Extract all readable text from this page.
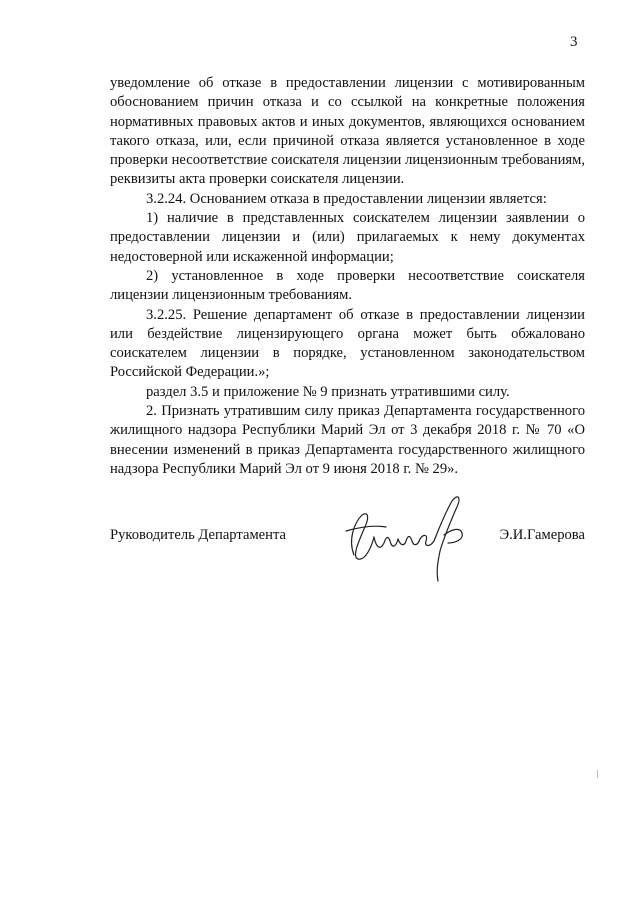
3

уведомление об отказе в предоставлении лицензии с мотивированным обоснованием причин отказа и со ссылкой на конкретные положения нормативных правовых актов и иных документов, являющихся основанием такого отказа, или, если причиной отказа является установленное в ходе проверки несоответствие соискателя лицензии лицензионным требованиям, реквизиты акта проверки соискателя лицензии.

3.2.24. Основанием отказа в предоставлении лицензии является:

1) наличие в представленных соискателем лицензии заявлении о предоставлении лицензии и (или) прилагаемых к нему документах недостоверной или искаженной информации;

2) установленное в ходе проверки несоответствие соискателя лицензии лицензионным требованиям.

3.2.25. Решение департамент об отказе в предоставлении лицензии или бездействие лицензирующего органа может быть обжаловано соискателем лицензии в порядке, установленном законодательством Российской Федерации.»;

раздел 3.5 и приложение № 9 признать утратившими силу.

2. Признать утратившим силу приказ Департамента государственного жилищного надзора Республики Марий Эл от 3 декабря 2018 г. № 70 «О внесении изменений в приказ Департамента государственного жилищного надзора Республики Марий Эл от 9 июня 2018 г. № 29».

Руководитель Департамента	Э.И.Гамерова
